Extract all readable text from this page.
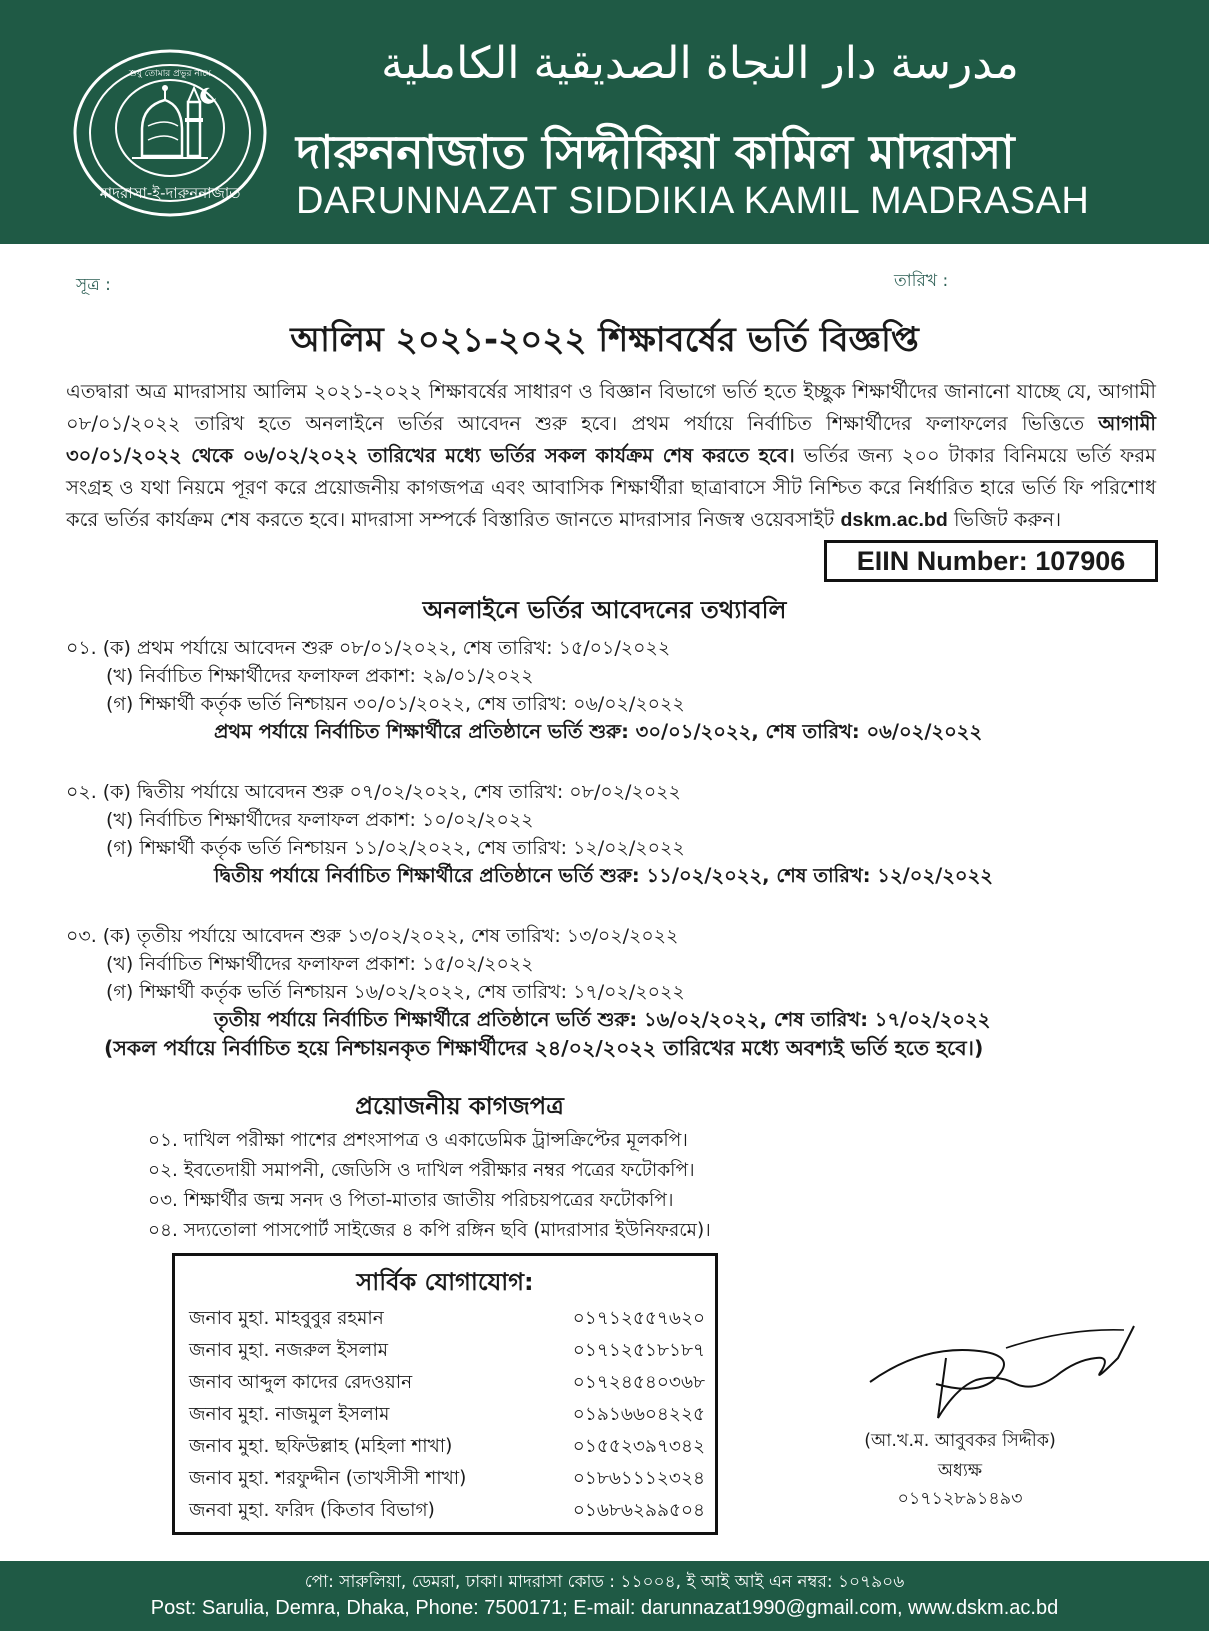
শুধু তোমার প্রভুর নামে
মাদরাসা-ই-দারুননাজাত
مدرسة دار النجاة الصديقية الكاملية
দারুননাজাত সিদ্দীকিয়া কামিল মাদরাসা
DARUNNAZAT SIDDIKIA KAMIL MADRASAH
সূত্র :	তারিখ :
আলিম ২০২১-২০২২ শিক্ষাবর্ষের ভর্তি বিজ্ঞপ্তি
এতদ্বারা অত্র মাদরাসায় আলিম ২০২১-২০২২ শিক্ষাবর্ষের সাধারণ ও বিজ্ঞান বিভাগে ভর্তি হতে ইচ্ছুক শিক্ষার্থীদের জানানো যাচ্ছে যে, আগামী ০৮/০১/২০২২ তারিখ হতে অনলাইনে ভর্তির আবেদন শুরু হবে। প্রথম পর্যায়ে নির্বাচিত শিক্ষার্থীদের ফলাফলের ভিত্তিতে আগামী ৩০/০১/২০২২ থেকে ০৬/০২/২০২২ তারিখের মধ্যে ভর্তির সকল কার্যক্রম শেষ করতে হবে। ভর্তির জন্য ২০০ টাকার বিনিময়ে ভর্তি ফরম সংগ্রহ ও যথা নিয়মে পূরণ করে প্রয়োজনীয় কাগজপত্র এবং আবাসিক শিক্ষার্থীরা ছাত্রাবাসে সীট নিশ্চিত করে নির্ধারিত হারে ভর্তি ফি পরিশোধ করে ভর্তির কার্যক্রম শেষ করতে হবে। মাদরাসা সম্পর্কে বিস্তারিত জানতে মাদরাসার নিজস্ব ওয়েবসাইট dskm.ac.bd ভিজিট করুন।
EIIN Number: 107906
অনলাইনে ভর্তির আবেদনের তথ্যাবলি
০১. (ক) প্রথম পর্যায়ে আবেদন শুরু ০৮/০১/২০২২, শেষ তারিখ: ১৫/০১/২০২২
(খ) নির্বাচিত শিক্ষার্থীদের ফলাফল প্রকাশ: ২৯/০১/২০২২
(গ) শিক্ষার্থী কর্তৃক ভর্তি নিশ্চায়ন ৩০/০১/২০২২, শেষ তারিখ: ০৬/০২/২০২২
প্রথম পর্যায়ে নির্বাচিত শিক্ষার্থীরে প্রতিষ্ঠানে ভর্তি শুরু: ৩০/০১/২০২২, শেষ তারিখ: ০৬/০২/২০২২
০২. (ক) দ্বিতীয় পর্যায়ে আবেদন শুরু ০৭/০২/২০২২, শেষ তারিখ: ০৮/০২/২০২২
(খ) নির্বাচিত শিক্ষার্থীদের ফলাফল প্রকাশ: ১০/০২/২০২২
(গ) শিক্ষার্থী কর্তৃক ভর্তি নিশ্চায়ন ১১/০২/২০২২, শেষ তারিখ: ১২/০২/২০২২
দ্বিতীয় পর্যায়ে নির্বাচিত শিক্ষার্থীরে প্রতিষ্ঠানে ভর্তি শুরু: ১১/০২/২০২২, শেষ তারিখ: ১২/০২/২০২২
০৩. (ক) তৃতীয় পর্যায়ে আবেদন শুরু ১৩/০২/২০২২, শেষ তারিখ: ১৩/০২/২০২২
(খ) নির্বাচিত শিক্ষার্থীদের ফলাফল প্রকাশ: ১৫/০২/২০২২
(গ) শিক্ষার্থী কর্তৃক ভর্তি নিশ্চায়ন ১৬/০২/২০২২, শেষ তারিখ: ১৭/০২/২০২২
তৃতীয় পর্যায়ে নির্বাচিত শিক্ষার্থীরে প্রতিষ্ঠানে ভর্তি শুরু: ১৬/০২/২০২২, শেষ তারিখ: ১৭/০২/২০২২
(সকল পর্যায়ে নির্বাচিত হয়ে নিশ্চায়নকৃত শিক্ষার্থীদের ২৪/০২/২০২২ তারিখের মধ্যে অবশ্যই ভর্তি হতে হবে।)
প্রয়োজনীয় কাগজপত্র
০১. দাখিল পরীক্ষা পাশের প্রশংসাপত্র ও একাডেমিক ট্রান্সক্রিপ্টের মূলকপি।
০২. ইবতেদায়ী সমাপনী, জেডিসি ও দাখিল পরীক্ষার নম্বর পত্রের ফটোকপি।
০৩. শিক্ষার্থীর জন্ম সনদ ও পিতা-মাতার জাতীয় পরিচয়পত্রের ফটোকপি।
০৪. সদ্যতোলা পাসপোর্ট সাইজের ৪ কপি রঙ্গিন ছবি (মাদরাসার ইউনিফরমে)।
সার্বিক যোগাযোগ:
জনাব মুহা. মাহবুবুর রহমান	০১৭১২৫৫৭৬২০
জনাব মুহা. নজরুল ইসলাম	০১৭১২৫১৮১৮৭
জনাব আব্দুল কাদের রেদওয়ান	০১৭২৪৫৪০৩৬৮
জনাব মুহা. নাজমুল ইসলাম	০১৯১৬৬০৪২২৫
জনাব মুহা. ছফিউল্লাহ (মহিলা শাখা)	০১৫৫২৩৯৭৩৪২
জনাব মুহা. শরফুদ্দীন (তাখসীসী শাখা)	০১৮৬১১১২৩২৪
জনবা মুহা. ফরিদ (কিতাব বিভাগ)	০১৬৮৬২৯৯৫০৪
(আ.খ.ম. আবুবকর সিদ্দীক)
অধ্যক্ষ
০১৭১২৮৯১৪৯৩
পো: সারুলিয়া, ডেমরা, ঢাকা। মাদরাসা কোড : ১১০০৪, ই আই আই এন নম্বর: ১০৭৯০৬
Post: Sarulia, Demra, Dhaka, Phone: 7500171; E-mail: darunnazat1990@gmail.com, www.dskm.ac.bd
